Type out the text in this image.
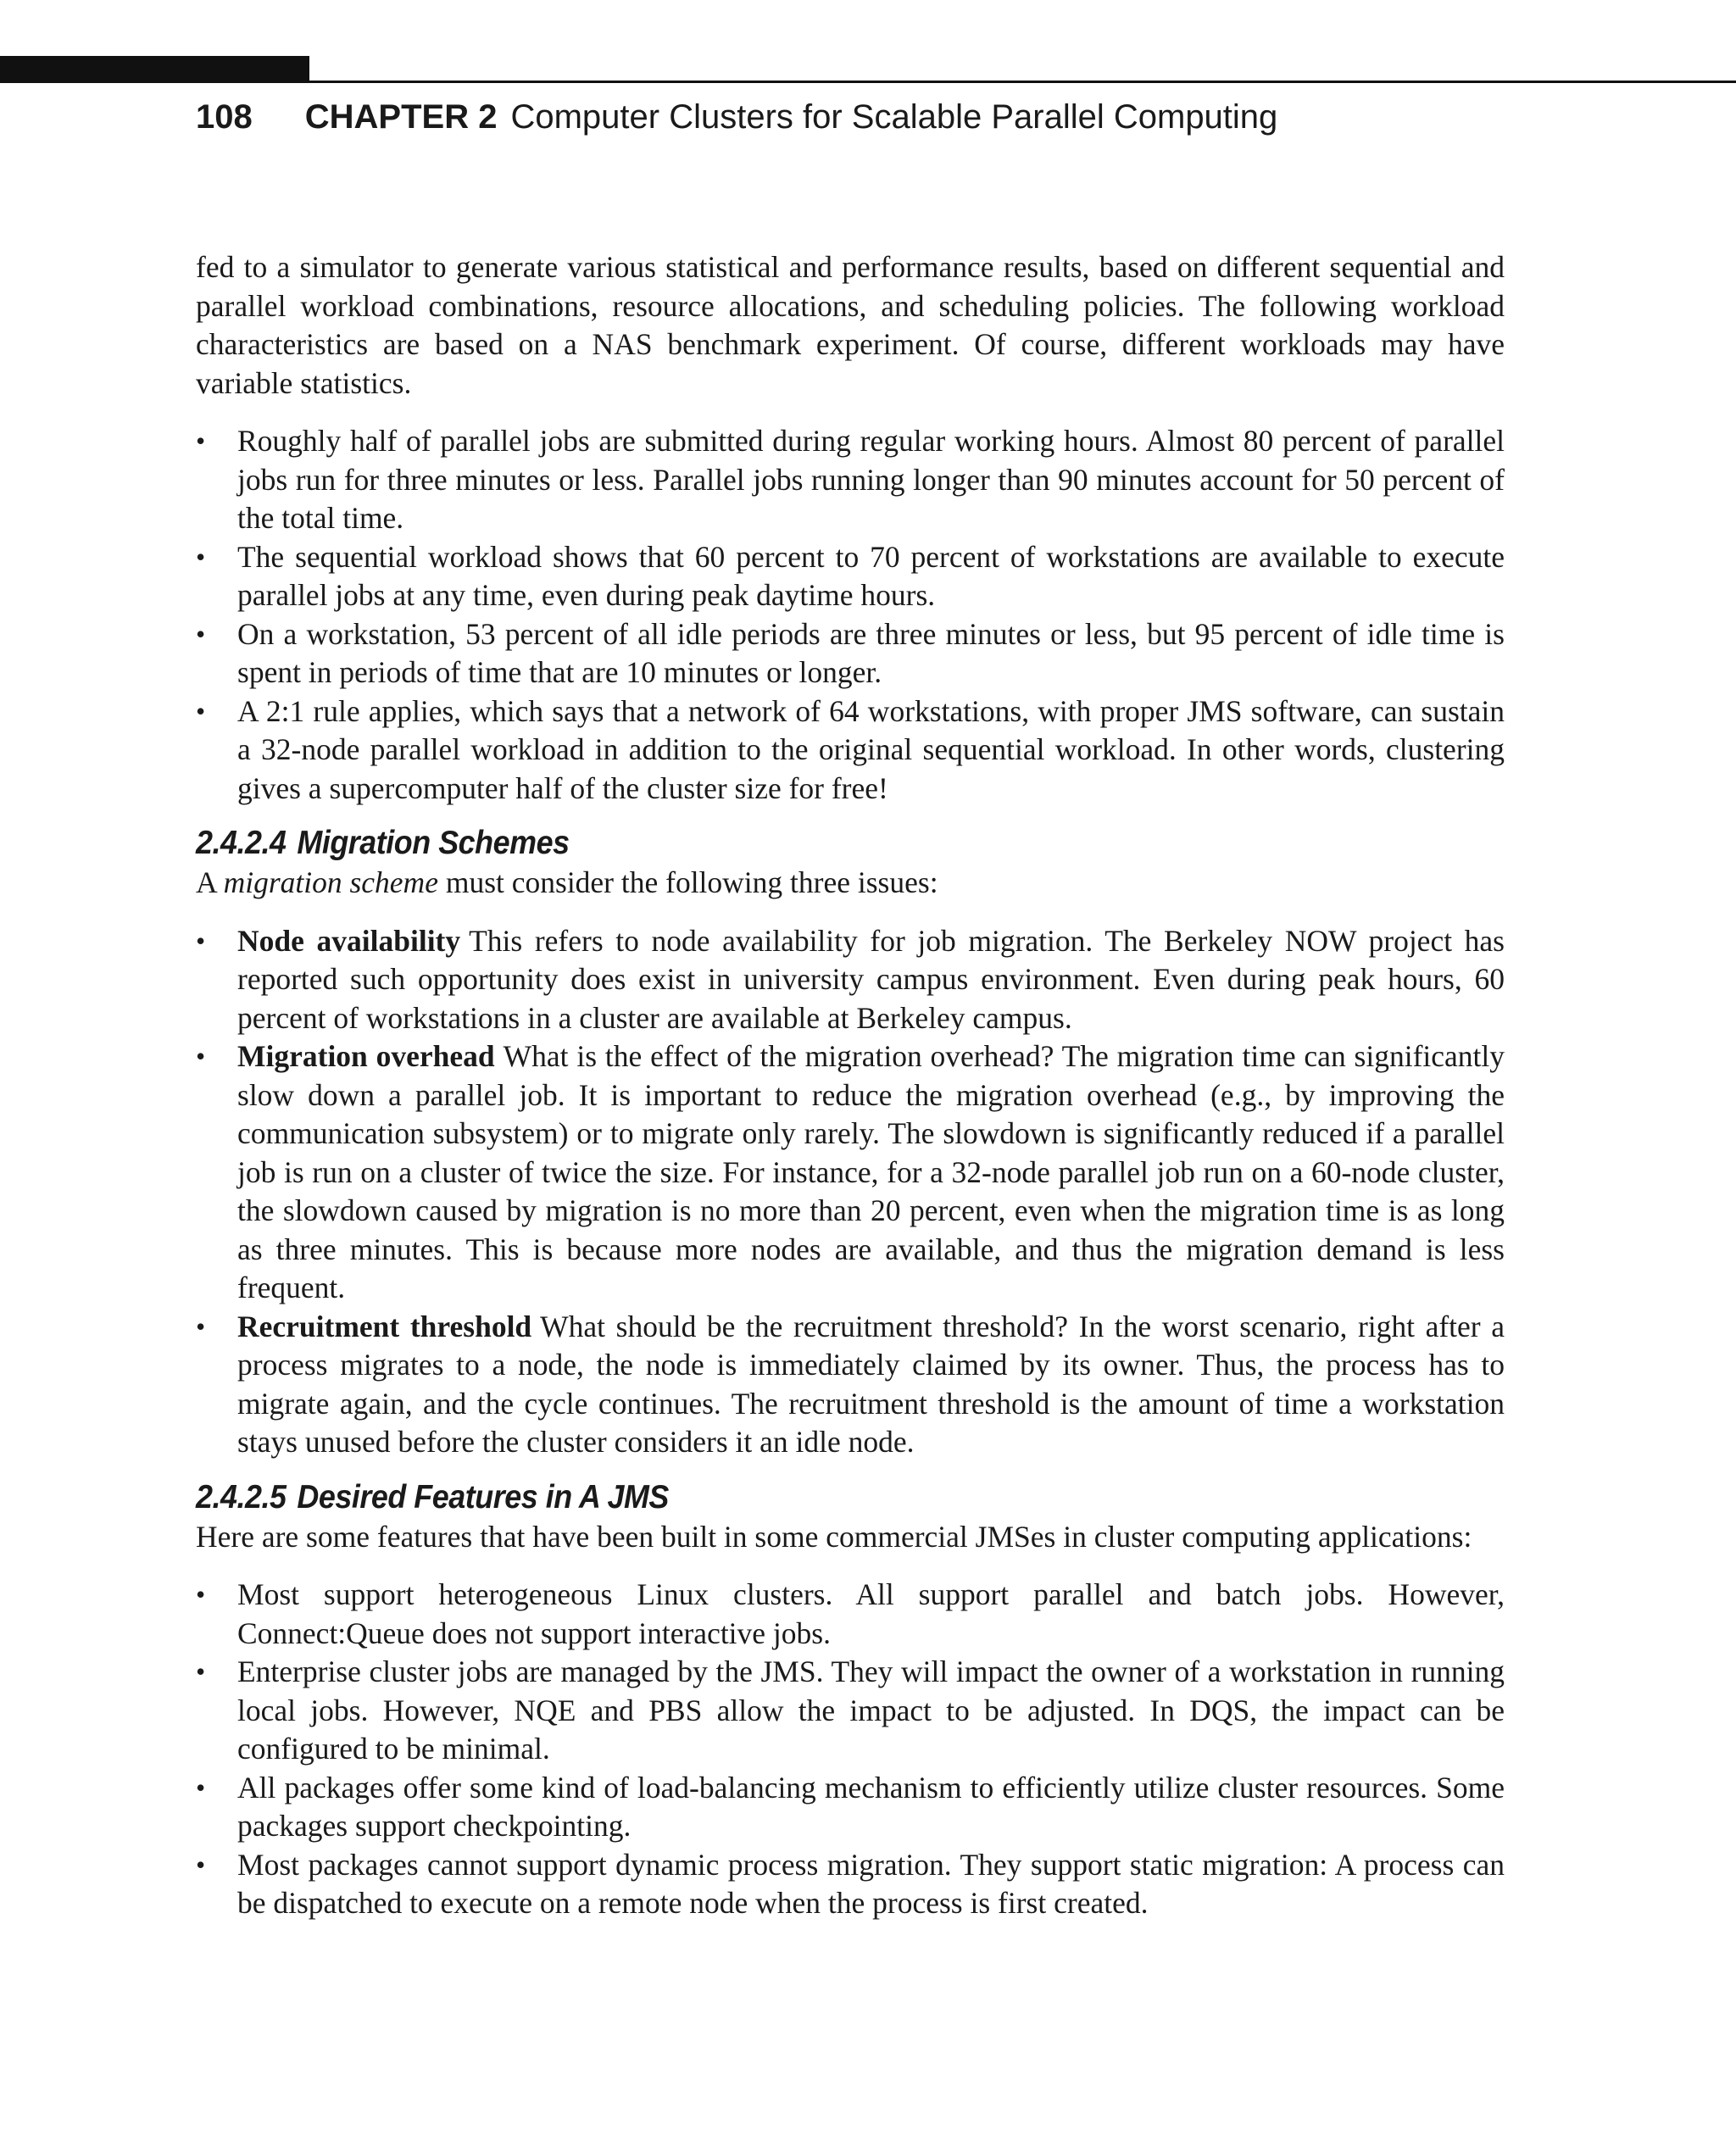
108 CHAPTER 2 Computer Clusters for Scalable Parallel Computing

fed to a simulator to generate various statistical and performance results, based on different sequential and parallel workload combinations, resource allocations, and scheduling policies. The following workload characteristics are based on a NAS benchmark experiment. Of course, different workloads may have variable statistics.

• Roughly half of parallel jobs are submitted during regular working hours. Almost 80 percent of parallel jobs run for three minutes or less. Parallel jobs running longer than 90 minutes account for 50 percent of the total time.
• The sequential workload shows that 60 percent to 70 percent of workstations are available to execute parallel jobs at any time, even during peak daytime hours.
• On a workstation, 53 percent of all idle periods are three minutes or less, but 95 percent of idle time is spent in periods of time that are 10 minutes or longer.
• A 2:1 rule applies, which says that a network of 64 workstations, with proper JMS software, can sustain a 32-node parallel workload in addition to the original sequential workload. In other words, clustering gives a supercomputer half of the cluster size for free!
2.4.2.4 Migration Schemes

A migration scheme must consider the following three issues:

• Node availability This refers to node availability for job migration. The Berkeley NOW project has reported such opportunity does exist in university campus environment. Even during peak hours, 60 percent of workstations in a cluster are available at Berkeley campus.
• Migration overhead What is the effect of the migration overhead? The migration time can significantly slow down a parallel job. It is important to reduce the migration overhead (e.g., by improving the communication subsystem) or to migrate only rarely. The slowdown is significantly reduced if a parallel job is run on a cluster of twice the size. For instance, for a 32-node parallel job run on a 60-node cluster, the slowdown caused by migration is no more than 20 percent, even when the migration time is as long as three minutes. This is because more nodes are available, and thus the migration demand is less frequent.
• Recruitment threshold What should be the recruitment threshold? In the worst scenario, right after a process migrates to a node, the node is immediately claimed by its owner. Thus, the process has to migrate again, and the cycle continues. The recruitment threshold is the amount of time a workstation stays unused before the cluster considers it an idle node.
2.4.2.5 Desired Features in A JMS

Here are some features that have been built in some commercial JMSes in cluster computing applications:

• Most support heterogeneous Linux clusters. All support parallel and batch jobs. However, Connect:Queue does not support interactive jobs.
• Enterprise cluster jobs are managed by the JMS. They will impact the owner of a workstation in running local jobs. However, NQE and PBS allow the impact to be adjusted. In DQS, the impact can be configured to be minimal.
• All packages offer some kind of load-balancing mechanism to efficiently utilize cluster resources. Some packages support checkpointing.
• Most packages cannot support dynamic process migration. They support static migration: A process can be dispatched to execute on a remote node when the process is first created.
